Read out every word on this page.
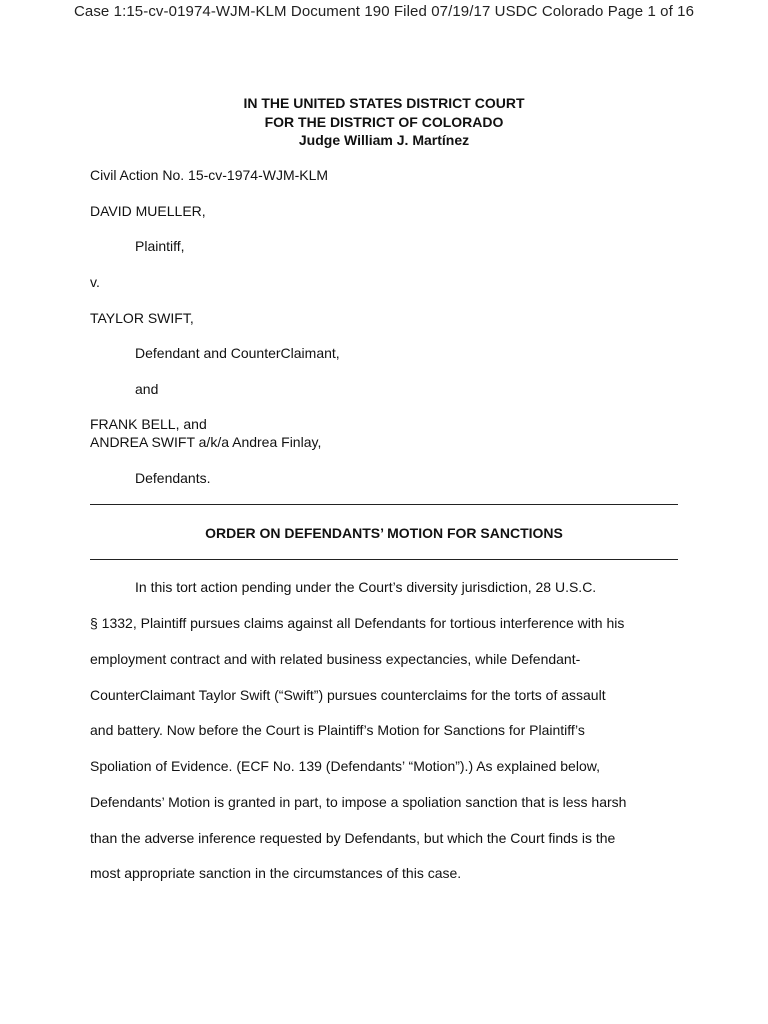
Case 1:15-cv-01974-WJM-KLM Document 190 Filed 07/19/17 USDC Colorado Page 1 of 16
IN THE UNITED STATES DISTRICT COURT
FOR THE DISTRICT OF COLORADO
Judge William J. Martínez
Civil Action No. 15-cv-1974-WJM-KLM
DAVID MUELLER,
Plaintiff,
v.
TAYLOR SWIFT,
Defendant and CounterClaimant,
and
FRANK BELL, and
ANDREA SWIFT a/k/a Andrea Finlay,
Defendants.
ORDER ON DEFENDANTS’ MOTION FOR SANCTIONS
In this tort action pending under the Court’s diversity jurisdiction, 28 U.S.C.
§ 1332, Plaintiff pursues claims against all Defendants for tortious interference with his
employment contract and with related business expectancies, while Defendant-
CounterClaimant Taylor Swift (“Swift”) pursues counterclaims for the torts of assault
and battery. Now before the Court is Plaintiff’s Motion for Sanctions for Plaintiff’s
Spoliation of Evidence. (ECF No. 139 (Defendants’ “Motion”).) As explained below,
Defendants’ Motion is granted in part, to impose a spoliation sanction that is less harsh
than the adverse inference requested by Defendants, but which the Court finds is the
most appropriate sanction in the circumstances of this case.
